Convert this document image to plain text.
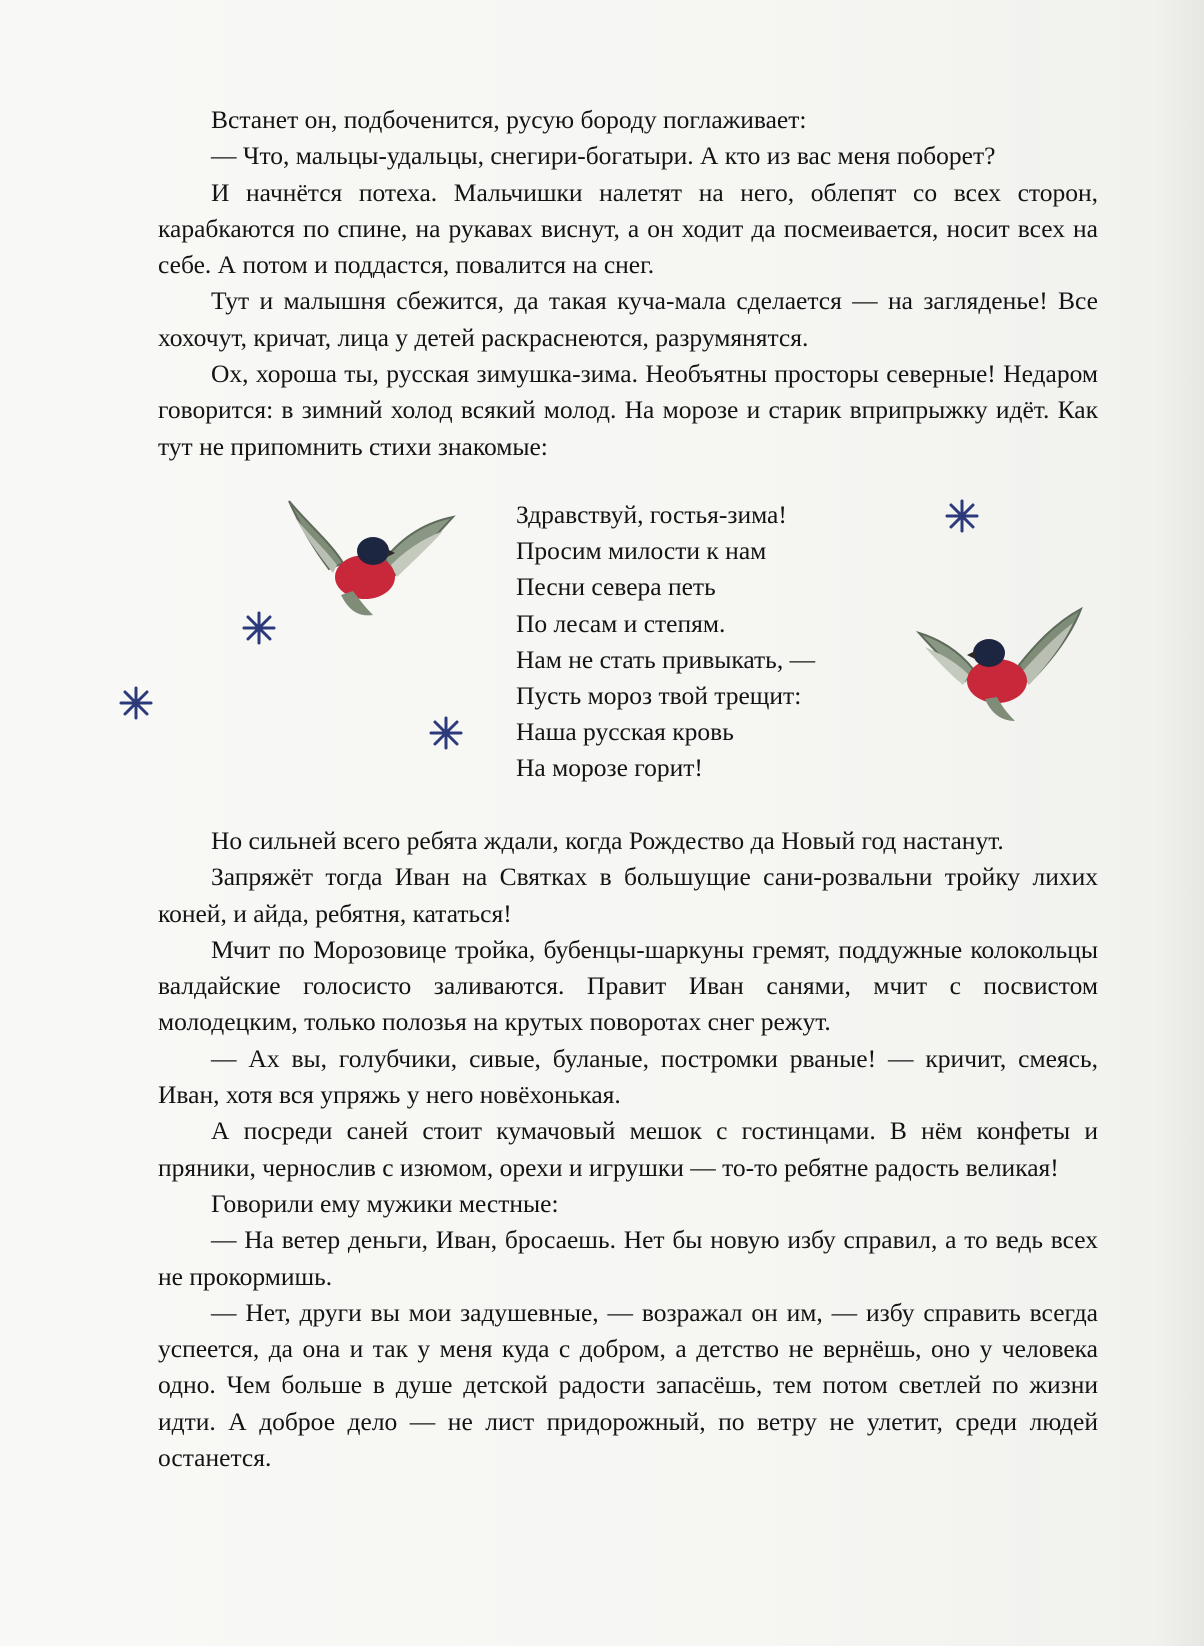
Встанет он, подбоченится, русую бороду поглаживает:

— Что, мальцы-удальцы, снегири-богатыри. А кто из вас меня поборет?

И начнётся потеха. Мальчишки налетят на него, облепят со всех сторон, карабкаются по спине, на рукавах виснут, а он ходит да посмеивается, носит всех на себе. А потом и поддастся, повалится на снег.

Тут и малышня сбежится, да такая куча-мала сделается — на загляденье! Все хохочут, кричат, лица у детей раскраснеются, разрумянятся.

Ох, хороша ты, русская зимушка-зима. Необъятны просторы северные! Недаром говорится: в зимний холод всякий молод. На морозе и старик вприпрыжку идёт. Как тут не припомнить стихи знакомые:

Здравствуй, гостья-зима!
Просим милости к нам
Песни севера петь
По лесам и степям.
Нам не стать привыкать, —
Пусть мороз твой трещит:
Наша русская кровь
На морозе горит!

Но сильней всего ребята ждали, когда Рождество да Новый год настанут.

Запряжёт тогда Иван на Святках в большущие сани-розвальни тройку лихих коней, и айда, ребятня, кататься!

Мчит по Морозовице тройка, бубенцы-шаркуны гремят, поддужные колокольцы валдайские голосисто заливаются. Правит Иван санями, мчит с посвистом молодецким, только полозья на крутых поворотах снег режут.

— Ах вы, голубчики, сивые, буланые, постромки рваные! — кричит, смеясь, Иван, хотя вся упряжь у него новёхонькая.

А посреди саней стоит кумачовый мешок с гостинцами. В нём конфеты и пряники, чернослив с изюмом, орехи и игрушки — то-то ребятне радость великая!

Говорили ему мужики местные:

— На ветер деньги, Иван, бросаешь. Нет бы новую избу справил, а то ведь всех не прокормишь.

— Нет, други вы мои задушевные, — возражал он им, — избу справить всегда успеется, да она и так у меня куда с добром, а детство не вернёшь, оно у человека одно. Чем больше в душе детской радости запасёшь, тем потом светлей по жизни идти. А доброе дело — не лист придорожный, по ветру не улетит, среди людей останется.
